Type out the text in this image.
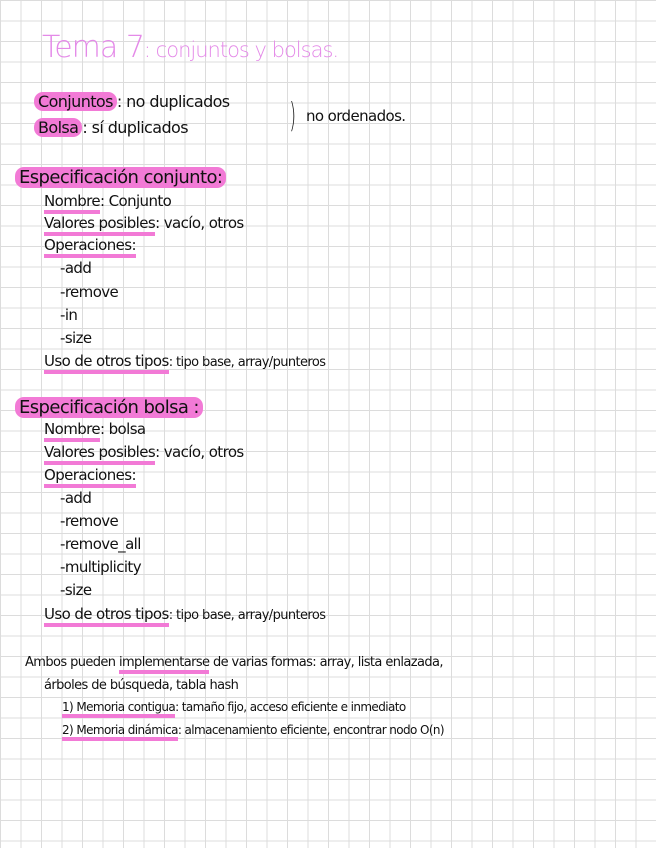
Tema 7: conjuntos y bolsas.
Conjuntos : no duplicados
Bolsa : sí duplicados	) no ordenados.
Especificación conjunto:
Nombre: Conjunto
Valores posibles: vacío, otros
Operaciones:
-add
-remove
-in
-size
Uso de otros tipos: tipo base, array/punteros
Especificación bolsa :
Nombre: bolsa
Valores posibles: vacío, otros
Operaciones:
-add
-remove
-remove_all
-multiplicity
-size
Uso de otros tipos: tipo base, array/punteros
Ambos pueden implementarse de varias formas: array, lista enlazada,
árboles de búsqueda, tabla hash
1) Memoria contigua: tamaño fijo, acceso eficiente e inmediato
2) Memoria dinámica: almacenamiento eficiente, encontrar nodo O(n)
